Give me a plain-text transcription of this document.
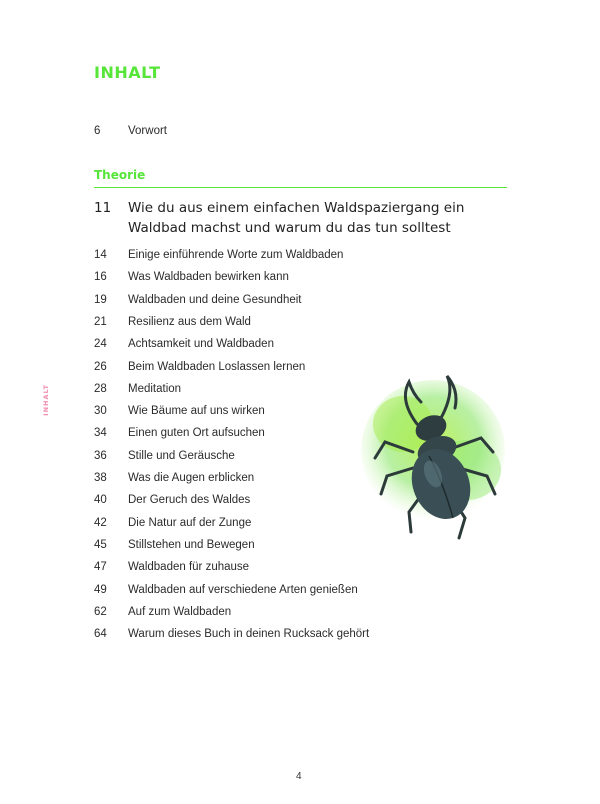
INHALT
INHALT
6	Vorwort
Theorie
11 Wie du aus einem einfachen Waldspaziergang ein Waldbad machst und warum du das tun solltest
14	Einige einführende Worte zum Waldbaden
16	Was Waldbaden bewirken kann
19	Waldbaden und deine Gesundheit
21	Resilienz aus dem Wald
24	Achtsamkeit und Waldbaden
26	Beim Waldbaden Loslassen lernen
28	Meditation
30	Wie Bäume auf uns wirken
34	Einen guten Ort aufsuchen
36	Stille und Geräusche
38	Was die Augen erblicken
40	Der Geruch des Waldes
42	Die Natur auf der Zunge
45	Stillstehen und Bewegen
47	Waldbaden für zuhause
49	Waldbaden auf verschiedene Arten genießen
62	Auf zum Waldbaden
64	Warum dieses Buch in deinen Rucksack gehört
4
